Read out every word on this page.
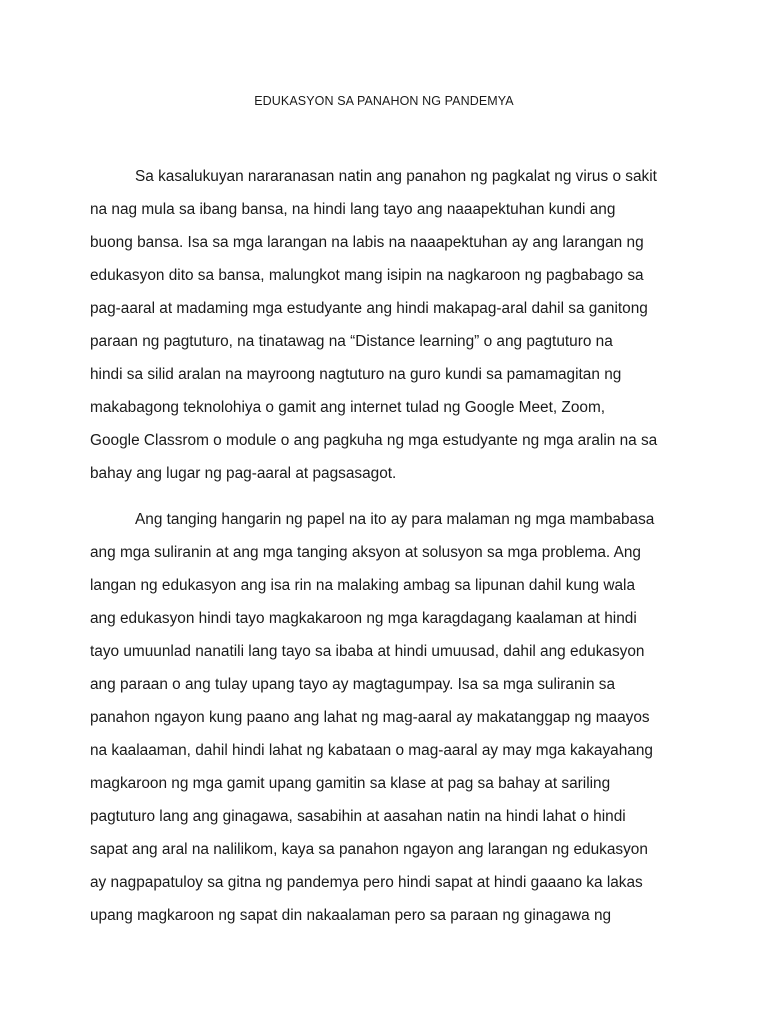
EDUKASYON SA PANAHON NG PANDEMYA
Sa kasalukuyan nararanasan natin ang panahon ng pagkalat ng virus o sakit
na nag mula sa ibang bansa, na hindi lang tayo ang naaapektuhan kundi ang
buong bansa. Isa sa mga larangan na labis na naaapektuhan ay ang larangan ng
edukasyon dito sa bansa, malungkot mang isipin na nagkaroon ng pagbabago sa
pag-aaral at madaming mga estudyante ang hindi makapag-aral dahil sa ganitong
paraan ng pagtuturo, na tinatawag na “Distance learning” o ang pagtuturo na
hindi sa silid aralan na mayroong nagtuturo na guro kundi sa pamamagitan ng
makabagong teknolohiya o gamit ang internet tulad ng Google Meet, Zoom,
Google Classrom o module o ang pagkuha ng mga estudyante ng mga aralin na sa
bahay ang lugar ng pag-aaral at pagsasagot.
Ang tanging hangarin ng papel na ito ay para malaman ng mga mambabasa
ang mga suliranin at ang mga tanging aksyon at solusyon sa mga problema. Ang
langan ng edukasyon ang isa rin na malaking ambag sa lipunan dahil kung wala
ang edukasyon hindi tayo magkakaroon ng mga karagdagang kaalaman at hindi
tayo umuunlad nanatili lang tayo sa ibaba at hindi umuusad, dahil ang edukasyon
ang paraan o ang tulay upang tayo ay magtagumpay. Isa sa mga suliranin sa
panahon ngayon kung paano ang lahat ng mag-aaral ay makatanggap ng maayos
na kaalaaman, dahil hindi lahat ng kabataan o mag-aaral ay may mga kakayahang
magkaroon ng mga gamit upang gamitin sa klase at pag sa bahay at sariling
pagtuturo lang ang ginagawa, sasabihin at aasahan natin na hindi lahat o hindi
sapat ang aral na nalilikom, kaya sa panahon ngayon ang larangan ng edukasyon
ay nagpapatuloy sa gitna ng pandemya pero hindi sapat at hindi gaaano ka lakas
upang magkaroon ng sapat din nakaalaman pero sa paraan ng ginagawa ng
